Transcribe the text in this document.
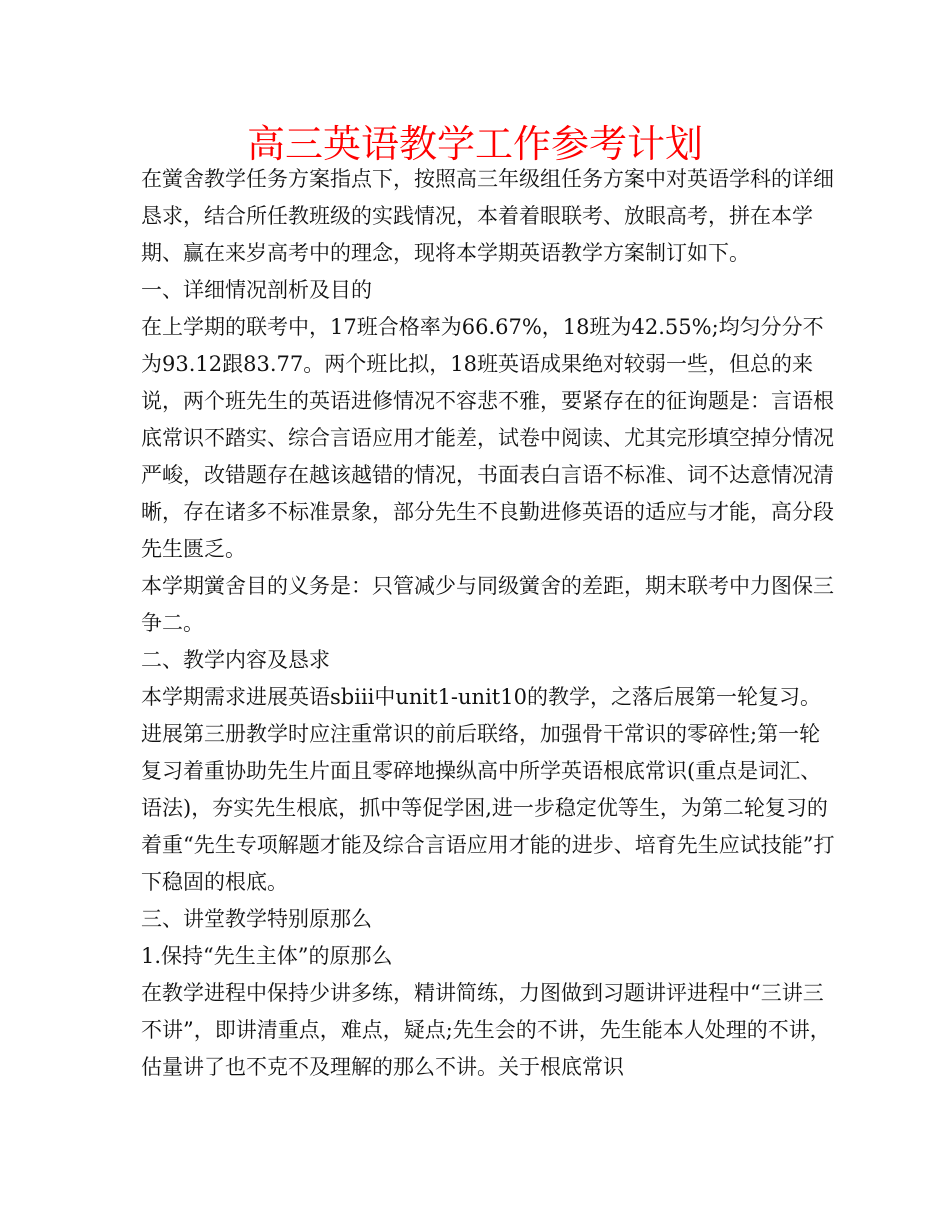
高三英语教学工作参考计划

在黉舍教学任务方案指点下，按照高三年级组任务方案中对英语学科的详细恳求，结合所任教班级的实践情况，本着着眼联考、放眼高考，拼在本学期、赢在来岁高考中的理念，现将本学期英语教学方案制订如下。

一、详细情况剖析及目的

在上学期的联考中，17班合格率为66.67%，18班为42.55%;均匀分分不为93.12跟83.77。两个班比拟，18班英语成果绝对较弱一些，但总的来说，两个班先生的英语进修情况不容悲不雅，要紧存在的征询题是：言语根底常识不踏实、综合言语应用才能差，试卷中阅读、尤其完形填空掉分情况严峻，改错题存在越该越错的情况，书面表白言语不标准、词不达意情况清晰，存在诸多不标准景象，部分先生不良勤进修英语的适应与才能，高分段先生匮乏。

本学期黉舍目的义务是：只管减少与同级黉舍的差距，期末联考中力图保三争二。

二、教学内容及恳求

本学期需求进展英语sbⅲ中unit1-unit10的教学，之落后展第一轮复习。进展第三册教学时应注重常识的前后联络，加强骨干常识的零碎性;第一轮复习着重协助先生片面且零碎地操纵高中所学英语根底常识(重点是词汇、语法)，夯实先生根底，抓中等促学困,进一步稳定优等生，为第二轮复习的着重“先生专项解题才能及综合言语应用才能的进步、培育先生应试技能”打下稳固的根底。

三、讲堂教学特别原那么

1.保持“先生主体”的原那么

在教学进程中保持少讲多练，精讲简练，力图做到习题讲评进程中“三讲三不讲”，即讲清重点，难点，疑点;先生会的不讲，先生能本人处理的不讲，估量讲了也不克不及理解的那么不讲。关于根底常识
